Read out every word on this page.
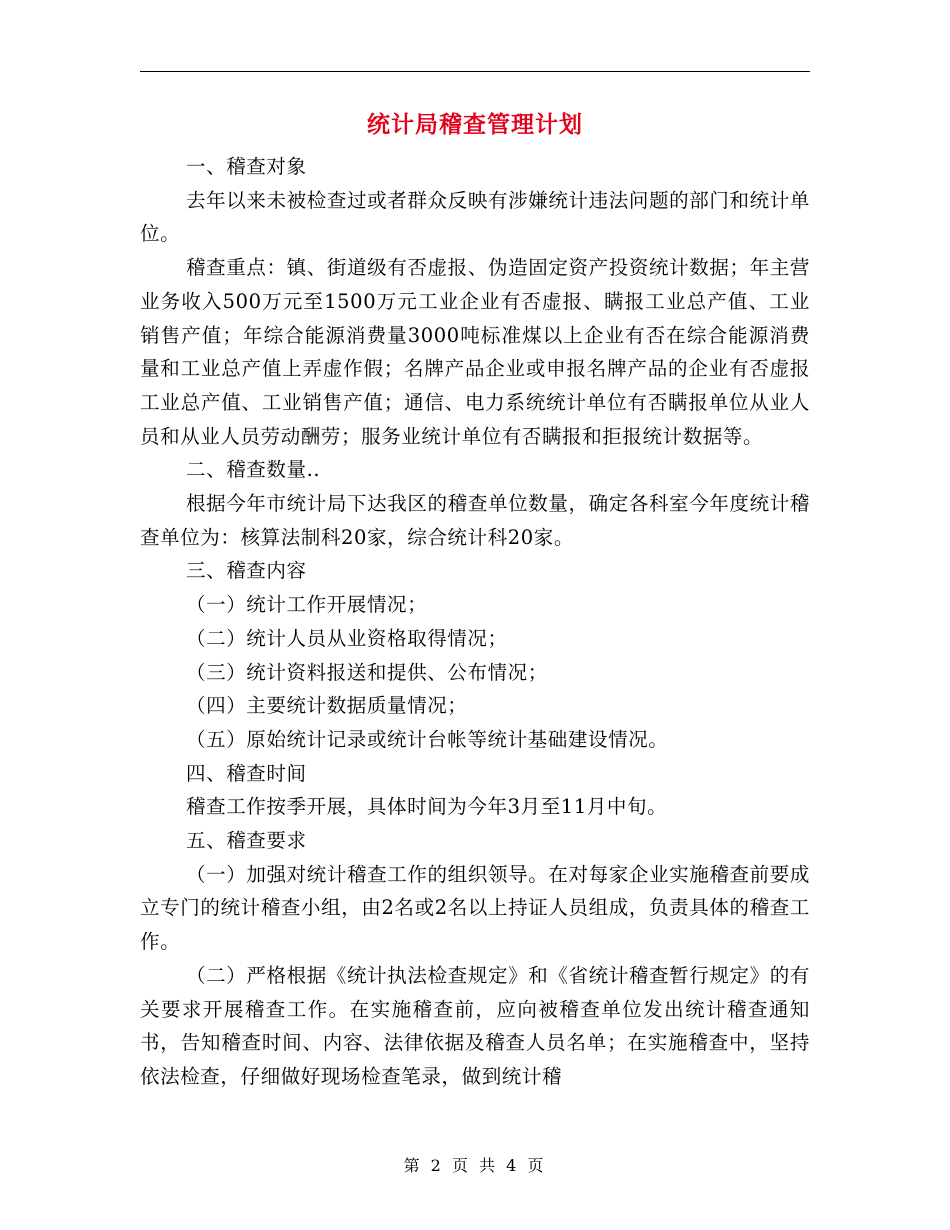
统计局稽查管理计划

一、稽查对象

去年以来未被检查过或者群众反映有涉嫌统计违法问题的部门和统计单位。

稽查重点：镇、街道级有否虚报、伪造固定资产投资统计数据；年主营业务收入500万元至1500万元工业企业有否虚报、瞒报工业总产值、工业销售产值；年综合能源消费量3000吨标准煤以上企业有否在综合能源消费量和工业总产值上弄虚作假；名牌产品企业或申报名牌产品的企业有否虚报工业总产值、工业销售产值；通信、电力系统统计单位有否瞒报单位从业人员和从业人员劳动酬劳；服务业统计单位有否瞒报和拒报统计数据等。

二、稽查数量..

根据今年市统计局下达我区的稽查单位数量，确定各科室今年度统计稽查单位为：核算法制科20家，综合统计科20家。

三、稽查内容

（一）统计工作开展情况；

（二）统计人员从业资格取得情况；

（三）统计资料报送和提供、公布情况；

（四）主要统计数据质量情况；

（五）原始统计记录或统计台帐等统计基础建设情况。

四、稽查时间

稽查工作按季开展，具体时间为今年3月至11月中旬。

五、稽查要求

（一）加强对统计稽查工作的组织领导。在对每家企业实施稽查前要成立专门的统计稽查小组，由2名或2名以上持证人员组成，负责具体的稽查工作。

（二）严格根据《统计执法检查规定》和《省统计稽查暂行规定》的有关要求开展稽查工作。在实施稽查前，应向被稽查单位发出统计稽查通知书，告知稽查时间、内容、法律依据及稽查人员名单；在实施稽查中，坚持依法检查，仔细做好现场检查笔录，做到统计稽

第 2 页 共 4 页
